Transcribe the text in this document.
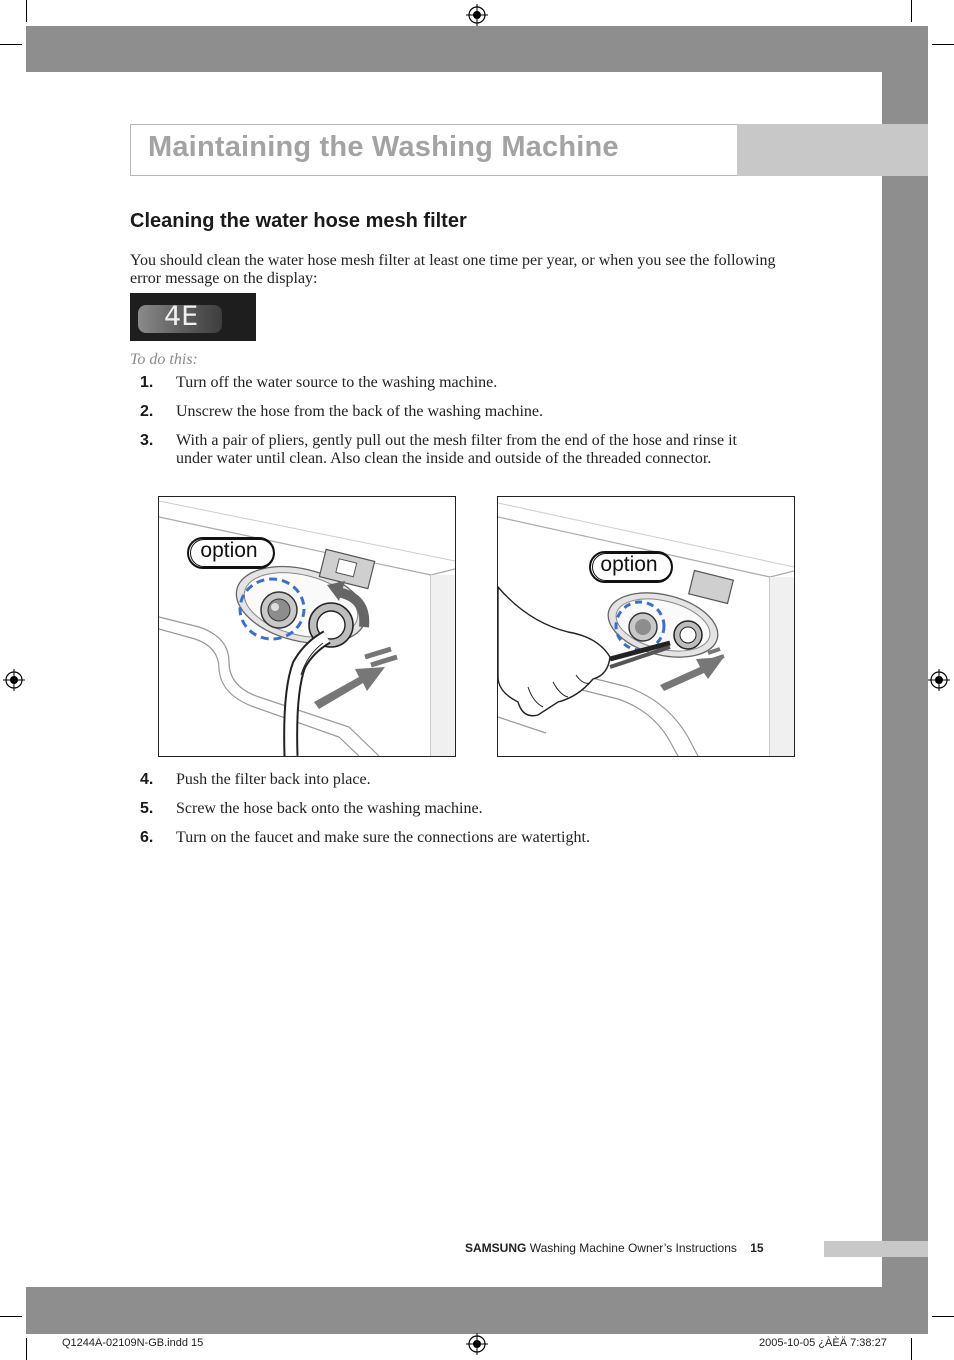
Maintaining the Washing Machine
Cleaning the water hose mesh filter
You should clean the water hose mesh filter at least one time per year, or when you see the following error message on the display:
4E
To do this:
1.	Turn off the water source to the washing machine.
2.	Unscrew the hose from the back of the washing machine.
3.	With a pair of pliers, gently pull out the mesh filter from the end of the hose and rinse it under water until clean. Also clean the inside and outside of the threaded connector.
option
option
4.	Push the filter back into place.
5.	Screw the hose back onto the washing machine.
6.	Turn on the faucet and make sure the connections are watertight.
SAMSUNG Washing Machine Owner’s Instructions 15
Q1244A-02109N-GB.indd 15	2005-10-05 ¿ÀÈÄ 7:38:27
